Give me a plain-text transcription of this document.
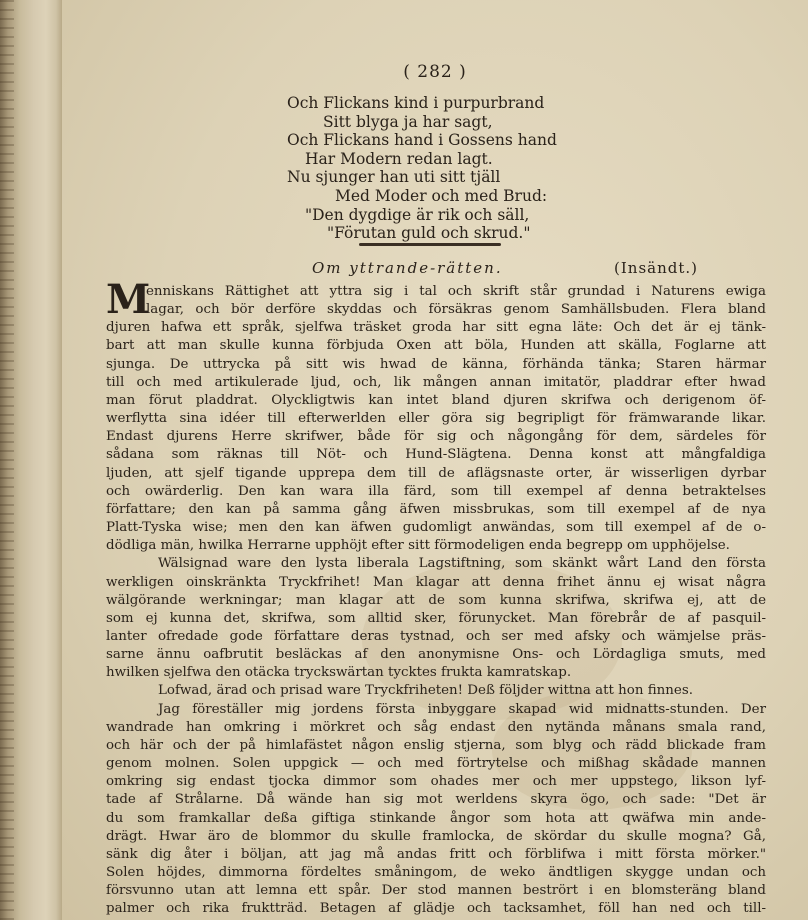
( 282 )
Och Flickans kind i purpurbrand
Sitt blyga ja har sagt,
Och Flickans hand i Gossens hand
Har Modern redan lagt.
Nu sjunger han uti sitt tjäll
Med Moder och med Brud:
"Den dygdige är rik och säll,
"Förutan guld och skrud."
Om yttrande-rätten.	(Insändt.)
M
enniskans Rättighet att yttra sig i tal och skrift står grundad i Naturens ewiga
lagar, och bör derföre skyddas och försäkras genom Samhällsbuden. Flera bland
djuren hafwa ett språk, sjelfwa träsket groda har sitt egna läte: Och det är ej tänk-
bart att man skulle kunna förbjuda Oxen att böla, Hunden att skälla, Foglarne att
sjunga. De uttrycka på sitt wis hwad de känna, förhända tänka; Staren härmar
till och med artikulerade ljud, och, lik mången annan imitatör, pladdrar efter hwad
man förut pladdrat. Olyckligtwis kan intet bland djuren skrifwa och derigenom öf-
werflytta sina idéer till efterwerlden eller göra sig begripligt för främwarande likar.
Endast djurens Herre skrifwer, både för sig och någongång för dem, särdeles för
sådana som räknas till Nöt- och Hund-Slägtena. Denna konst att mångfaldiga
ljuden, att sjelf tigande upprepa dem till de aflägsnaste orter, är wisserligen dyrbar
och owärderlig. Den kan wara illa färd, som till exempel af denna betraktelses
författare; den kan på samma gång äfwen missbrukas, som till exempel af de nya
Platt-Tyska wise; men den kan äfwen gudomligt anwändas, som till exempel af de o-
dödliga män, hwilka Herrarne upphöjt efter sitt förmodeligen enda begrepp om upphöjelse.
Wälsignad ware den lysta liberala Lagstiftning, som skänkt wårt Land den första
werkligen oinskränkta Tryckfrihet! Man klagar att denna frihet ännu ej wisat några
wälgörande werkningar; man klagar att de som kunna skrifwa, skrifwa ej, att de
som ej kunna det, skrifwa, som alltid sker, förunycket. Man förebrår de af pasquil-
lanter ofredade gode författare deras tystnad, och ser med afsky och wämjelse präs-
sarne ännu oafbrutit besläckas af den anonymisne Ons- och Lördagliga smuts, med
hwilken sjelfwa den otäcka tryckswärtan tycktes frukta kamratskap.
Lofwad, ärad och prisad ware Tryckfriheten! Deß följder wittna att hon finnes.
Jag föreställer mig jordens första inbyggare skapad wid midnatts-stunden. Der
wandrade han omkring i mörkret och såg endast den nytända månans smala rand,
och här och der på himlafästet någon enslig stjerna, som blyg och rädd blickade fram
genom molnen. Solen uppgick — och med förtrytelse och mißhag skådade mannen
omkring sig endast tjocka dimmor som ohades mer och mer uppstego, likson lyf-
tade af Strålarne. Då wände han sig mot werldens skyra ögo, och sade: "Det är
du som framkallar deßa giftiga stinkande ångor som hota att qwäfwa min ande-
drägt. Hwar äro de blommor du skulle framlocka, de skördar du skulle mogna? Gå,
sänk dig åter i böljan, att jag må andas fritt och förblifwa i mitt första mörker."
Solen höjdes, dimmorna fördeltes småningom, de weko ändtligen skygge undan och
försvunno utan att lemna ett spår. Der stod mannen bestrört i en blomsteräng bland
palmer och rika fruktträd. Betagen af glädje och tacksamhet, föll han ned och till-
